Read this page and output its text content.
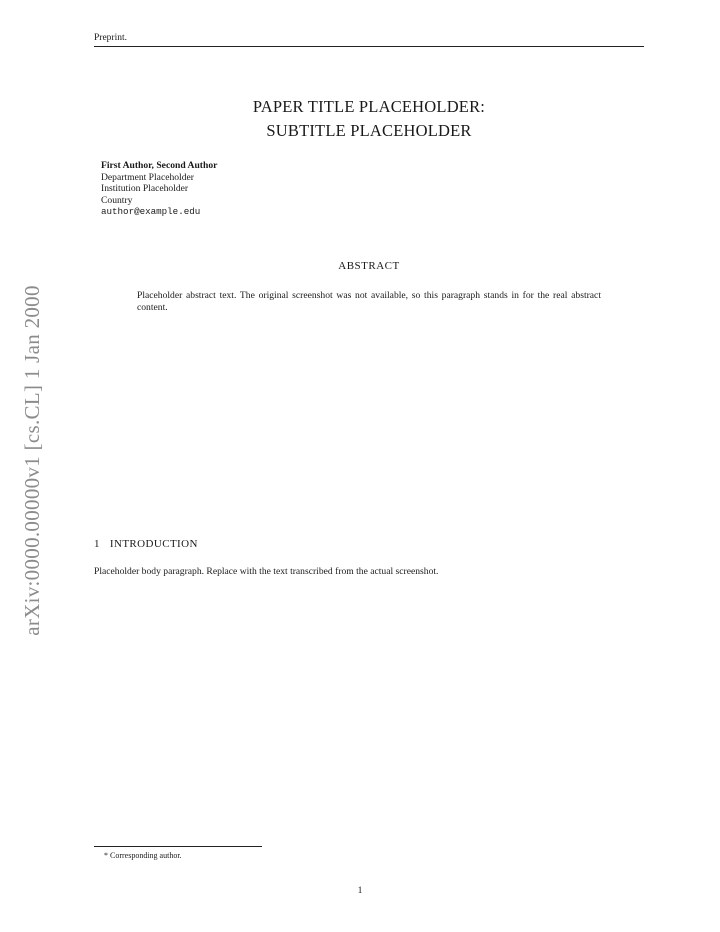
arXiv:0000.00000v1 [cs.CL] 1 Jan 2000
Preprint.
PAPER TITLE PLACEHOLDER:
SUBTITLE PLACEHOLDER
First Author, Second Author
Department Placeholder
Institution Placeholder
Country
author@example.edu
ABSTRACT
Placeholder abstract text. The original screenshot was not available, so this paragraph stands in for the real abstract content.
1 INTRODUCTION

Placeholder body paragraph. Replace with the text transcribed from the actual screenshot.

* Corresponding author.
1
